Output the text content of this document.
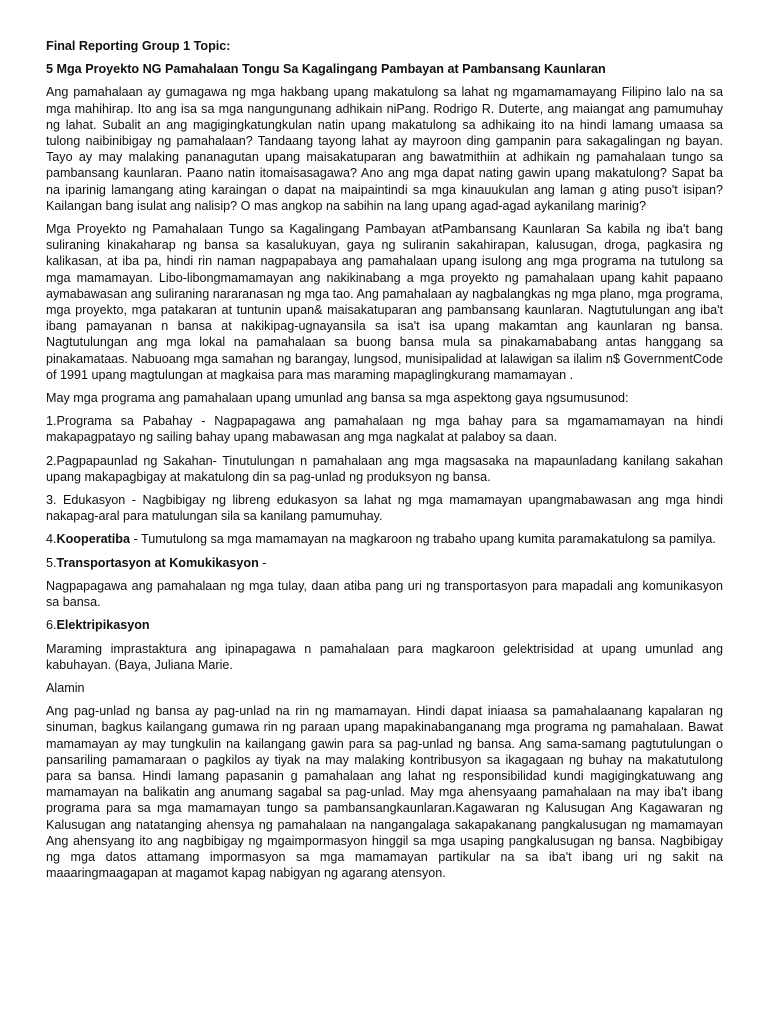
Final Reporting Group 1 Topic:

5 Mga Proyekto NG Pamahalaan Tongu Sa Kagalingang Pambayan at Pambansang Kaunlaran

Ang pamahalaan ay gumagawa ng mga hakbang upang makatulong sa lahat ng mgamamamayang Filipino lalo na sa mga mahihirap. Ito ang isa sa mga nangungunang adhikain niPang. Rodrigo R. Duterte, ang maiangat ang pamumuhay ng lahat. Subalit an ang magigingkatungkulan natin upang makatulong sa adhikaing ito na hindi lamang umaasa sa tulong naibinibigay ng pamahalaan? Tandaang tayong lahat ay mayroon ding gampanin para sakagalingan ng bayan. Tayo ay may malaking pananagutan upang maisakatuparan ang bawatmithiin at adhikain ng pamahalaan tungo sa pambansang kaunlaran. Paano natin itomaisasagawa? Ano ang mga dapat nating gawin upang makatulong? Sapat ba na iparinig lamangang ating karaingan o dapat na maipaintindi sa mga kinauukulan ang laman g ating puso't isipan? Kailangan bang isulat ang nalisip? O mas angkop na sabihin na lang upang agad-agad aykanilang marinig?

Mga Proyekto ng Pamahalaan Tungo sa Kagalingang Pambayan atPambansang Kaunlaran Sa kabila ng iba't bang suliraning kinakaharap ng bansa sa kasalukuyan, gaya ng suliranin sakahirapan, kalusugan, droga, pagkasira ng kalikasan, at iba pa, hindi rin naman nagpapabaya ang pamahalaan upang isulong ang mga programa na tutulong sa mga mamamayan. Libo-libongmamamayan ang nakikinabang a mga proyekto ng pamahalaan upang kahit papaano aymabawasan ang suliraning nararanasan ng mga tao. Ang pamahalaan ay nagbalangkas ng mga plano, mga programa, mga proyekto, mga patakaran at tuntunin upan& maisakatuparan ang pambansang kaunlaran. Nagtutulungan ang iba't ibang pamayanan n bansa at nakikipag-ugnayansila sa isa't isa upang makamtan ang kaunlaran ng bansa. Nagtutulungan ang mga lokal na pamahalaan sa buong bansa mula sa pinakamababang antas hanggang sa pinakamataas. Nabuoang mga samahan ng barangay, lungsod, munisipalidad at lalawigan sa ilalim n$ GovernmentCode of 1991 upang magtulungan at magkaisa para mas maraming mapaglingkurang mamamayan .

May mga programa ang pamahalaan upang umunlad ang bansa sa mga aspektong gaya ngsumusunod:

1.Programa sa Pabahay - Nagpapagawa ang pamahalaan ng mga bahay para sa mgamamamayan na hindi makapagpatayo ng sailing bahay upang mabawasan ang mga nagkalat at palaboy sa daan.

2.Pagpapaunlad ng Sakahan- Tinutulungan n pamahalaan ang mga magsasaka na mapaunladang kanilang sakahan upang makapagbigay at makatulong din sa pag-unlad ng produksyon ng bansa.

3. Edukasyon - Nagbibigay ng libreng edukasyon sa lahat ng mga mamamayan upangmabawasan ang mga hindi nakapag-aral para matulungan sila sa kanilang pamumuhay.

4.Kooperatiba - Tumutulong sa mga mamamayan na magkaroon ng trabaho upang kumita paramakatulong sa pamilya.

5.Transportasyon at Komukikasyon -

Nagpapagawa ang pamahalaan ng mga tulay, daan atiba pang uri ng transportasyon para mapadali ang komunikasyon sa bansa.

6.Elektripikasyon

Maraming imprastaktura ang ipinapagawa n pamahalaan para magkaroon gelektrisidad at upang umunlad ang kabuhayan. (Baya, Juliana Marie.

Alamin

Ang pag-unlad ng bansa ay pag-unlad na rin ng mamamayan. Hindi dapat iniaasa sa pamahalaanang kapalaran ng sinuman, bagkus kailangang gumawa rin ng paraan upang mapakinabanganang mga programa ng pamahalaan. Bawat mamamayan ay may tungkulin na kailangang gawin para sa pag-unlad ng bansa. Ang sama-samang pagtutulungan o pansariling pamamaraan o pagkilos ay tiyak na may malaking kontribusyon sa ikagagaan ng buhay na makatutulong para sa bansa. Hindi lamang papasanin g pamahalaan ang lahat ng responsibilidad kundi magigingkatuwang ang mamamayan na balikatin ang anumang sagabal sa pag-unlad. May mga ahensyaang pamahalaan na may iba't ibang programa para sa mga mamamayan tungo sa pambansangkaunlaran.Kagawaran ng Kalusugan Ang Kagawaran ng Kalusugan ang natatanging ahensya ng pamahalaan na nangangalaga sakapakanang pangkalusugan ng mamamayan Ang ahensyang ito ang nagbibigay ng mgaimpormasyon hinggil sa mga usaping pangkalusugan ng bansa. Nagbibigay ng mga datos attamang impormasyon sa mga mamamayan partikular na sa iba't ibang uri ng sakit na maaaringmaagapan at magamot kapag nabigyan ng agarang atensyon.
